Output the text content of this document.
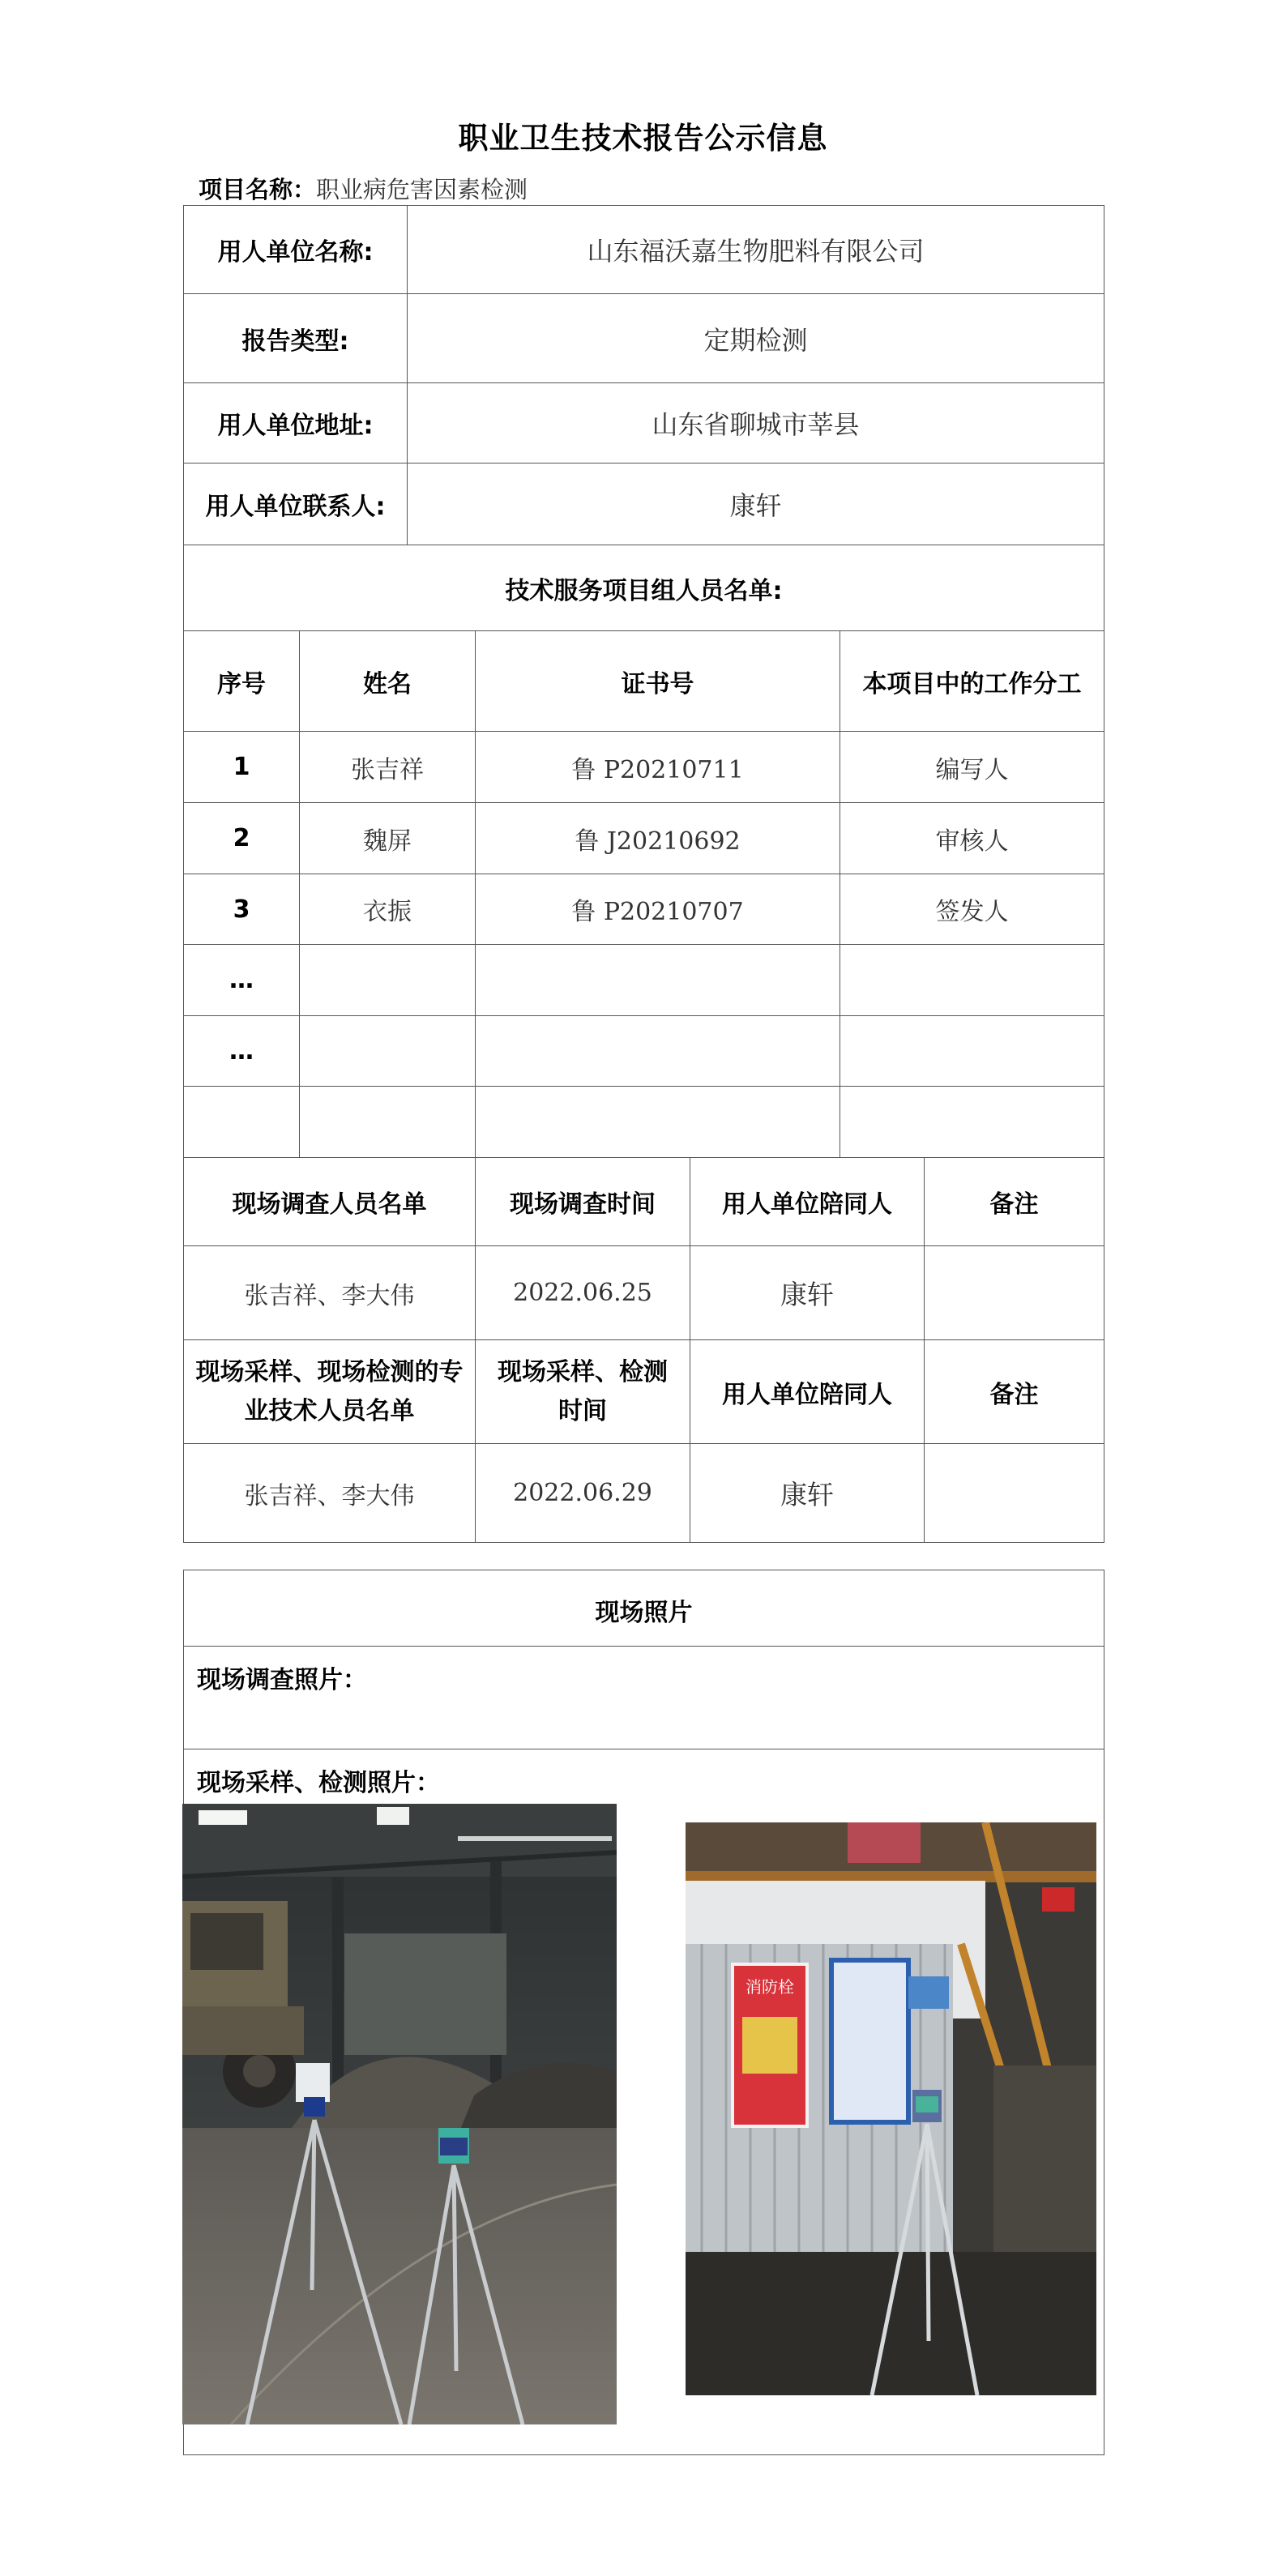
职业卫生技术报告公示信息
项目名称：职业病危害因素检测
用人单位名称:	山东福沃嘉生物肥料有限公司
报告类型:	定期检测
用人单位地址:	山东省聊城市莘县
用人单位联系人:	康轩
技术服务项目组人员名单:			
序号	姓名	证书号	本项目中的工作分工
1	张吉祥	鲁 P20210711	编写人
2	魏屏	鲁 J20210692	审核人
3	衣振	鲁 P20210707	签发人
…			
…			

现场调查人员名单	现场调查时间	用人单位陪同人	备注
张吉祥、李大伟	2022.06.25	康轩	
现场采样、现场检测的专业技术人员名单	现场采样、检测时间	用人单位陪同人	备注
张吉祥、李大伟	2022.06.29	康轩	
现场照片
现场调查照片：
现场采样、检测照片：
消防栓
